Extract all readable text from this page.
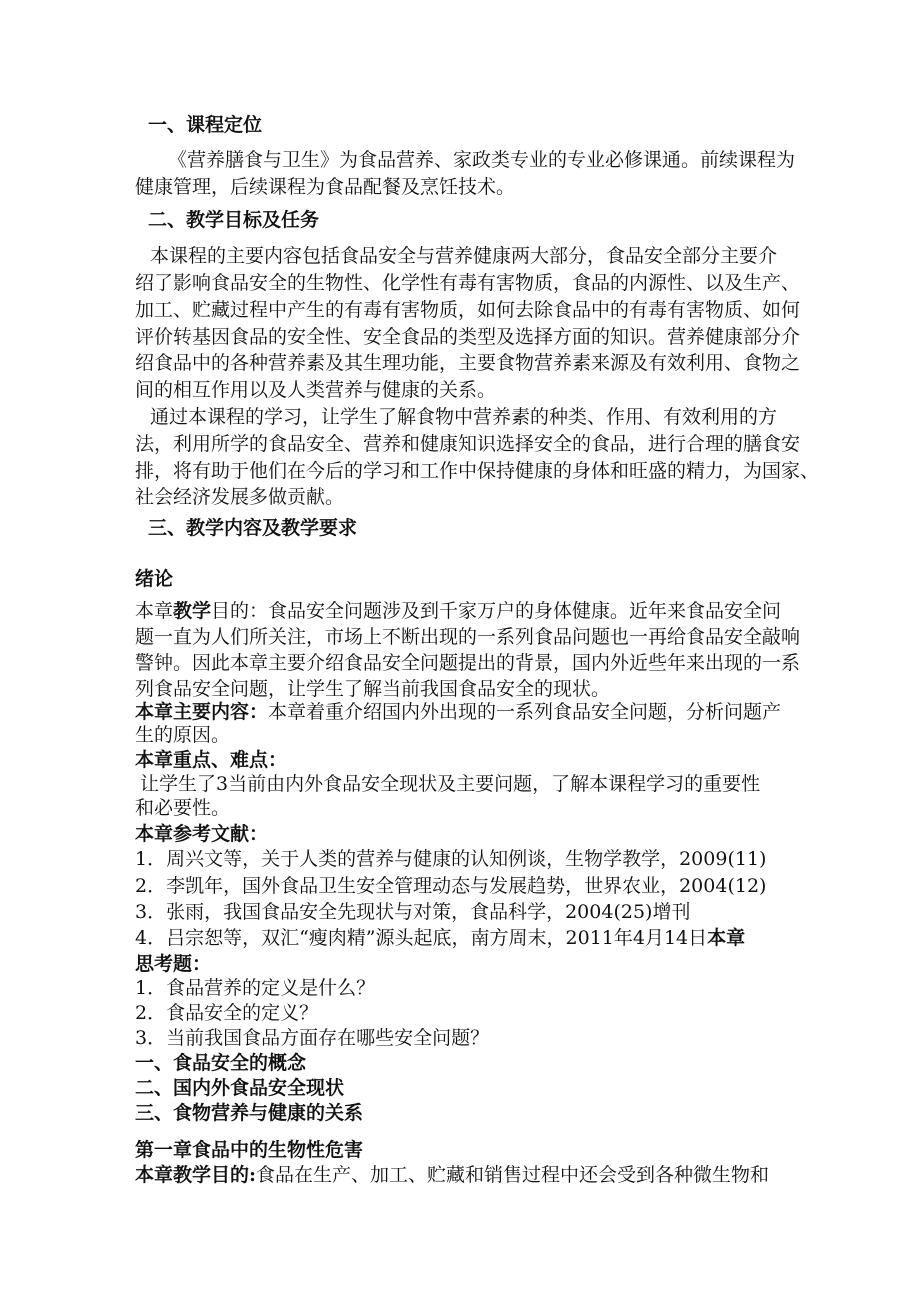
一、课程定位
《营养膳食与卫生》为食品营养、家政类专业的专业必修课通。前续课程为
健康管理，后续课程为食品配餐及烹饪技术。
二、教学目标及任务
本课程的主要内容包括食品安全与营养健康两大部分，食品安全部分主要介
绍了影响食品安全的生物性、化学性有毒有害物质，食品的内源性、以及生产、
加工、贮藏过程中产生的有毒有害物质，如何去除食品中的有毒有害物质、如何
评价转基因食品的安全性、安全食品的类型及选择方面的知识。营养健康部分介
绍食品中的各种营养素及其生理功能，主要食物营养素来源及有效利用、食物之
间的相互作用以及人类营养与健康的关系。
通过本课程的学习，让学生了解食物中营养素的种类、作用、有效利用的方
法，利用所学的食品安全、营养和健康知识选择安全的食品，进行合理的膳食安
排，将有助于他们在今后的学习和工作中保持健康的身体和旺盛的精力，为国家、
社会经济发展多做贡献。
三、教学内容及教学要求
绪论
本章教学目的：食品安全问题涉及到千家万户的身体健康。近年来食品安全问
题一直为人们所关注，市场上不断出现的一系列食品问题也一再给食品安全敲响
警钟。因此本章主要介绍食品安全问题提出的背景，国内外近些年来出现的一系
列食品安全问题，让学生了解当前我国食品安全的现状。
本章主要内容：本章着重介绍国内外出现的一系列食品安全问题，分析问题产
生的原因。
本章重点、难点：
让学生了3当前由内外食品安全现状及主要问题，了解本课程学习的重要性
和必要性。
本章参考文献：
1．周兴文等，关于人类的营养与健康的认知例谈，生物学教学，2009(11)
2．李凯年，国外食品卫生安全管理动态与发展趋势，世界农业，2004(12)
3．张雨，我国食品安全先现状与对策，食品科学，2004(25)增刊
4．吕宗恕等，双汇“瘦肉精”源头起底，南方周末，2011年4月14日本章
思考题：
1．食品营养的定义是什么？
2．食品安全的定义？
3．当前我国食品方面存在哪些安全问题？
一、食品安全的概念
二、国内外食品安全现状
三、食物营养与健康的关系
第一章食品中的生物性危害
本章教学目的:食品在生产、加工、贮藏和销售过程中还会受到各种微生物和
